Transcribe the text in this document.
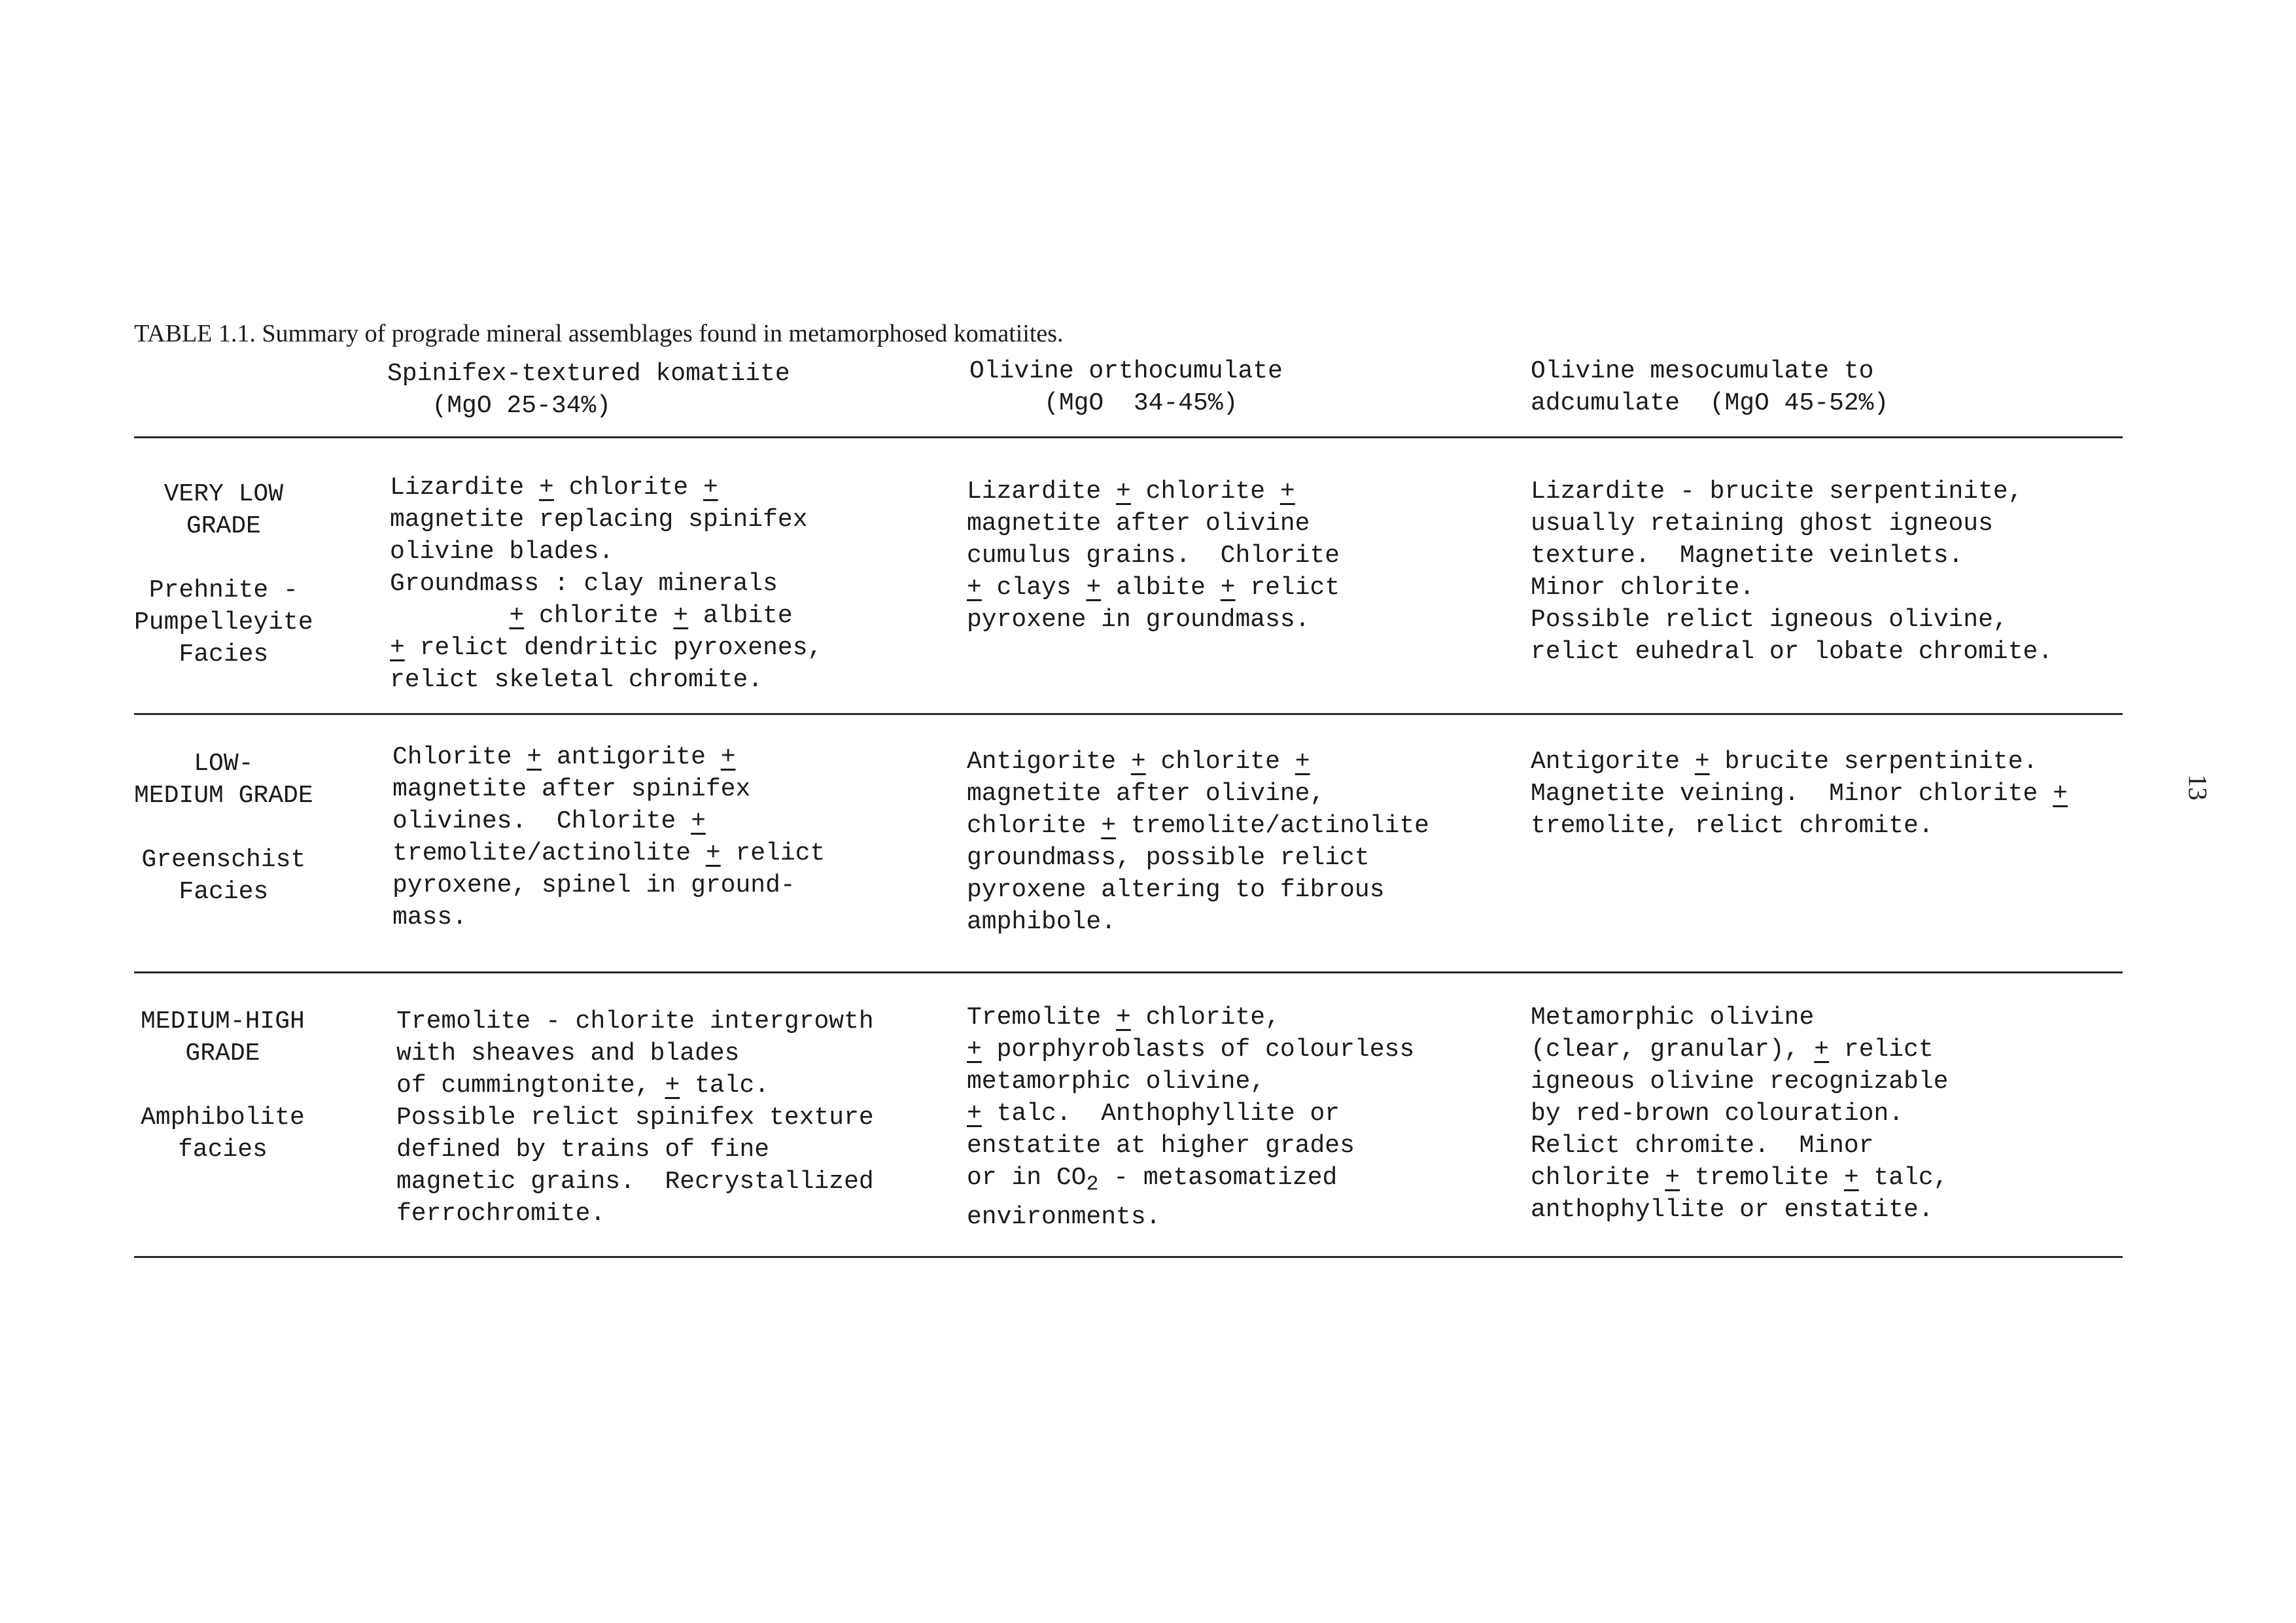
TABLE 1.1. Summary of prograde mineral assemblages found in metamorphosed komatiites.
Spinifex-textured komatiite
(MgO 25-34%)
Olivine orthocumulate
(MgO  34-45%)
Olivine mesocumulate to
adcumulate  (MgO 45-52%)
VERY LOW
GRADE

Prehnite -
Pumpelleyite
Facies
Lizardite + chlorite +
magnetite replacing spinifex
olivine blades.
Groundmass : clay minerals
+ chlorite + albite
+ relict dendritic pyroxenes,
relict skeletal chromite.
Lizardite + chlorite +
magnetite after olivine
cumulus grains.  Chlorite
+ clays + albite + relict
pyroxene in groundmass.
Lizardite - brucite serpentinite,
usually retaining ghost igneous
texture.  Magnetite veinlets.
Minor chlorite.
Possible relict igneous olivine,
relict euhedral or lobate chromite.
LOW-
MEDIUM GRADE

Greenschist
Facies
Chlorite + antigorite +
magnetite after spinifex
olivines.  Chlorite +
tremolite/actinolite + relict
pyroxene, spinel in ground-
mass.
Antigorite + chlorite +
magnetite after olivine,
chlorite + tremolite/actinolite
groundmass, possible relict
pyroxene altering to fibrous
amphibole.
Antigorite + brucite serpentinite.
Magnetite veining.  Minor chlorite +
tremolite, relict chromite.
MEDIUM-HIGH
GRADE

Amphibolite
facies
Tremolite - chlorite intergrowth
with sheaves and blades
of cummingtonite, + talc.
Possible relict spinifex texture
defined by trains of fine
magnetic grains.  Recrystallized
ferrochromite.
Tremolite + chlorite,
+ porphyroblasts of colourless
metamorphic olivine,
+ talc.  Anthophyllite or
enstatite at higher grades
or in $CO_2$ - metasomatized
environments.
Metamorphic olivine
(clear, granular), + relict
igneous olivine recognizable
by red-brown colouration.
Relict chromite.  Minor
chlorite + tremolite + talc,
anthophyllite or enstatite.
13
